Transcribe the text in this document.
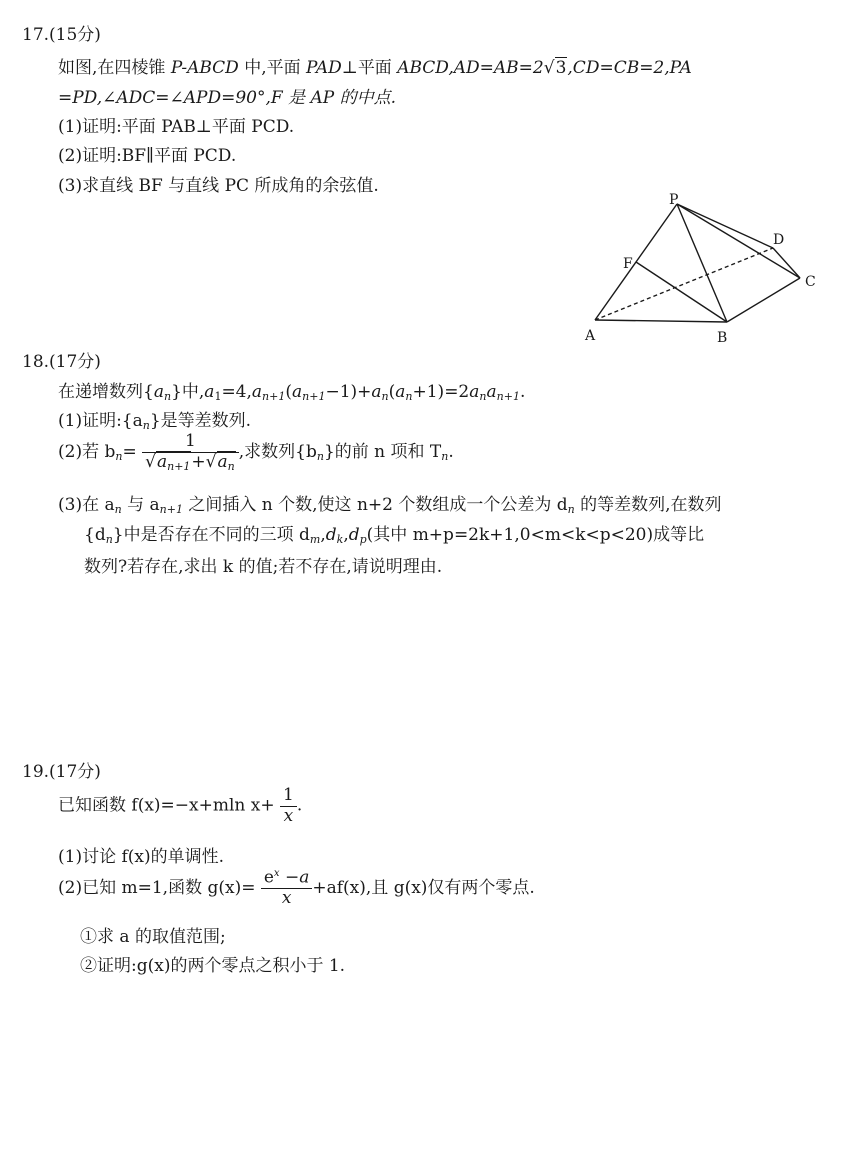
17.(15分)
如图,在四棱锥 P-ABCD 中,平面 PAD⊥平面 ABCD,AD=AB=2√3,CD=CB=2,PA
=PD,∠ADC=∠APD=90°,F 是 AP 的中点.
(1)证明:平面 PAB⊥平面 PCD.
(2)证明:BF∥平面 PCD.
(3)求直线 BF 与直线 PC 所成角的余弦值.
P
D
F
C
A	B
18.(17分)
在递增数列$\{a_n\}$中$,a_1=4,a_{n+1}(a_{n+1}-1)+a_n(a_n+1)=2a_na_{n+1}$.
(1)证明$:\{a_n\}$是等差数列.
(2)若 $b_n= \frac{1}{√a_{n+1}+√a_n}$ ,求数列$\{b_n\}$的前 n 项和 $T_n$.
(3)在 $a_n$ 与 $a_{n+1}$ 之间插入 n 个数,使这 n+2 个数组成一个公差为 $d_n$ 的等差数列,在数列
$\{d_n\}$中是否存在不同的三项 $d_m,d_k,d_p$(其中 m+p=2k+1,0<m<k<p<20)成等比
数列?若存在,求出 k 的值;若不存在,请说明理由.
19.(17分)
已知函数 f(x)=−x+mln $x+ \frac{1}{x}$ .
(1)讨论 f(x)的单调性.
(2)已知 m=1,函数 $g(x)= \frac{e^x -a}{x} +af(x)$,且 g(x)仅有两个零点.
①求 a 的取值范围;
②证明:g(x)的两个零点之积小于 1.
